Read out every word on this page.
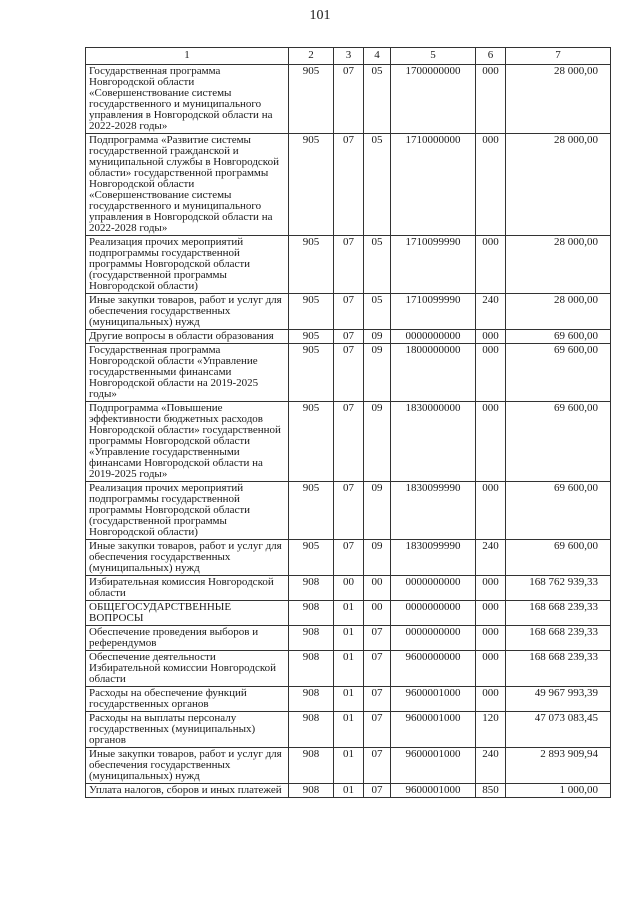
101
1	2	3	4	5	6	7
Государственная программа Новгородской области «Совершенствование системы государственного и муниципального управления в Новгородской области на 2022-2028 годы»	905	07	05	1700000000	000	28 000,00
Подпрограмма «Развитие системы государственной гражданской и муниципальной службы в Новгородской области» государственной программы Новгородской области «Совершенствование системы государственного и муниципального управления в Новгородской области на 2022-2028 годы»	905	07	05	1710000000	000	28 000,00
Реализация прочих мероприятий подпрограммы государственной программы Новгородской области (государственной программы Новгородской области)	905	07	05	1710099990	000	28 000,00
Иные закупки товаров, работ и услуг для обеспечения государственных (муниципальных) нужд	905	07	05	1710099990	240	28 000,00
Другие вопросы в области образования	905	07	09	0000000000	000	69 600,00
Государственная программа Новгородской области «Управление государственными финансами Новгородской области на 2019-2025 годы»	905	07	09	1800000000	000	69 600,00
Подпрограмма «Повышение эффективности бюджетных расходов Новгородской области» государственной программы Новгородской области «Управление государственными финансами Новгородской области на 2019-2025 годы»	905	07	09	1830000000	000	69 600,00
Реализация прочих мероприятий подпрограммы государственной программы Новгородской области (государственной программы Новгородской области)	905	07	09	1830099990	000	69 600,00
Иные закупки товаров, работ и услуг для обеспечения государственных (муниципальных) нужд	905	07	09	1830099990	240	69 600,00
Избирательная комиссия Новгородской области	908	00	00	0000000000	000	168 762 939,33
ОБЩЕГОСУДАРСТВЕННЫЕ ВОПРОСЫ	908	01	00	0000000000	000	168 668 239,33
Обеспечение проведения выборов и референдумов	908	01	07	0000000000	000	168 668 239,33
Обеспечение деятельности Избирательной комиссии Новгородской области	908	01	07	9600000000	000	168 668 239,33
Расходы на обеспечение функций государственных органов	908	01	07	9600001000	000	49 967 993,39
Расходы на выплаты персоналу государственных (муниципальных) органов	908	01	07	9600001000	120	47 073 083,45
Иные закупки товаров, работ и услуг для обеспечения государственных (муниципальных) нужд	908	01	07	9600001000	240	2 893 909,94
Уплата налогов, сборов и иных платежей	908	01	07	9600001000	850	1 000,00
